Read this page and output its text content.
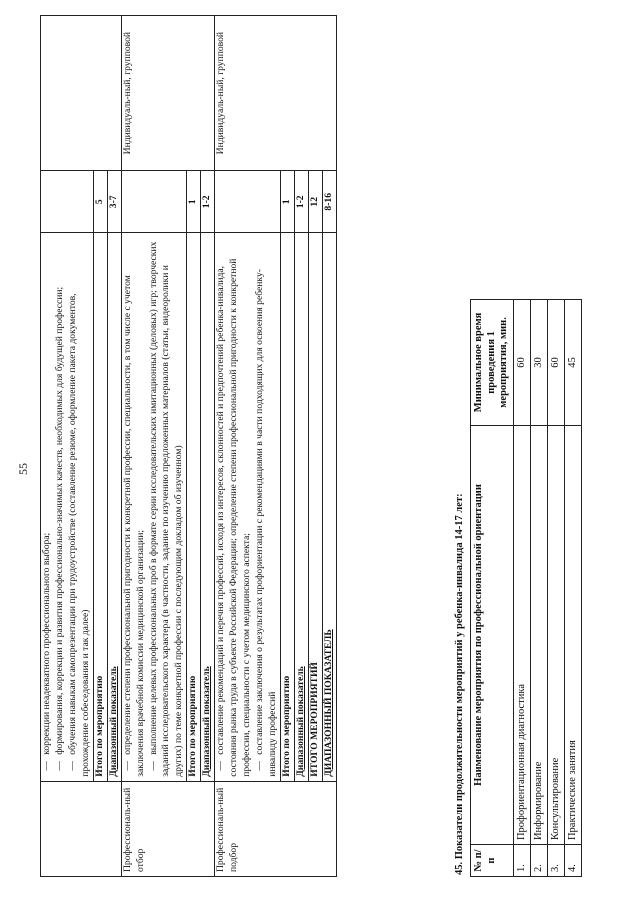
55

	—коррекции неадекватного профессионального выбора;
—формирования, коррекции и развития профессионально-значимых качеств, необходимых для будущей профессии;
—обучения навыкам самопрезентации при трудоустройстве (составление резюме, оформление пакета документов, прохождение собеседования и так далее)		

	Итого по мероприятию	5	
	Диапазонный показатель	3-7	
Профессиональ-ный отбор	—определение степени профессиональной пригодности к конкретной профессии, специальности, в том числе с учетом заключения врачебной комиссии медицинской организации; —выполнение целевых профессиональных проб в формате серии исследовательских имитационных (деловых) игр; творческих заданий исследовательского характера (в частности, задание по изучению предложенных материалов (статьи, видеоролики и других) по теме конкретной профессии с последующим докладом об изученном)		Индивидуаль-ный, групповой
	Итого по мероприятию	1	
	Диапазонный показатель	1-2	
Профессиональ-ный подбор	—составление рекомендаций и перечня профессий, исходя из интересов, склонностей и предпочтений ребенка-инвалида, состояния рынка труда в субъекте Российской Федерации; определение степени профессиональной пригодности к конкретной профессии, специальности с учетом медицинского аспекта; —составление заключения о результатах профориентации с рекомендациями в части подходящих для освоения ребенку-инвалиду профессий		Индивидуаль-ный, групповой
	Итого по мероприятию	1	
	Диапазонный показатель	1-2	
	ИТОГО МЕРОПРИЯТИЙ	12	
	ДИАПАЗОННЫЙ ПОКАЗАТЕЛЬ	8-16	
45. Показатели продолжительности мероприятий у ребенка-инвалида 14-17 лет: № п/п	Наименование мероприятия по профессиональной ориентации	Минимальное время проведения 1 мероприятия, мин.
1.	Профориентационная диагностика	60
2.	Информирование	30
3.	Консультирование	60
4.	Практические занятия	45
